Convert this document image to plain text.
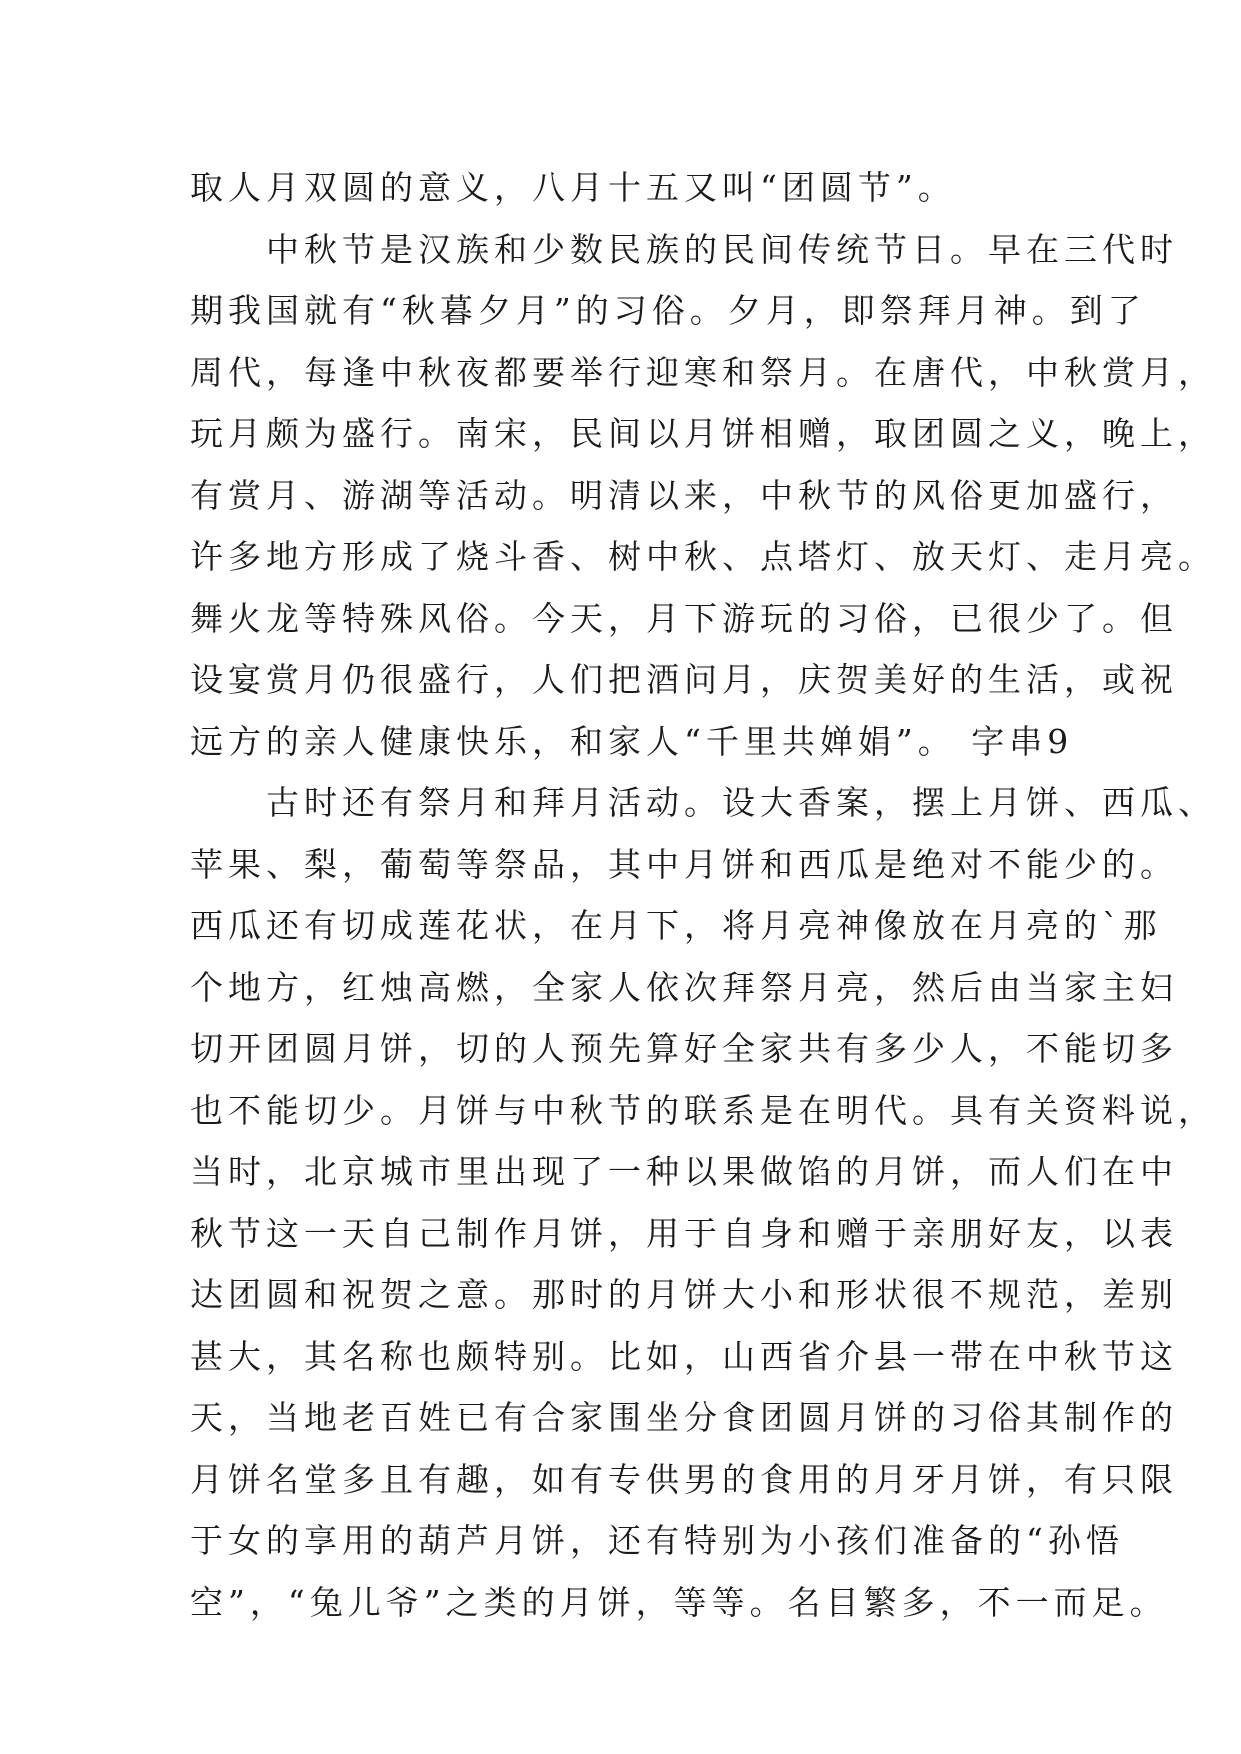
取人月双圆的意义，八月十五又叫“团圆节”。
中秋节是汉族和少数民族的民间传统节日。早在三代时
期我国就有“秋暮夕月”的习俗。夕月，即祭拜月神。到了
周代，每逢中秋夜都要举行迎寒和祭月。在唐代，中秋赏月，
玩月颇为盛行。南宋，民间以月饼相赠，取团圆之义，晚上，
有赏月、游湖等活动。明清以来，中秋节的风俗更加盛行，
许多地方形成了烧斗香、树中秋、点塔灯、放天灯、走月亮。
舞火龙等特殊风俗。今天，月下游玩的习俗，已很少了。但
设宴赏月仍很盛行，人们把酒问月，庆贺美好的生活，或祝
远方的亲人健康快乐，和家人“千里共婵娟”。 字串9
古时还有祭月和拜月活动。设大香案，摆上月饼、西瓜、
苹果、梨，葡萄等祭品，其中月饼和西瓜是绝对不能少的。
西瓜还有切成莲花状，在月下，将月亮神像放在月亮的`那
个地方，红烛高燃，全家人依次拜祭月亮，然后由当家主妇
切开团圆月饼，切的人预先算好全家共有多少人，不能切多
也不能切少。月饼与中秋节的联系是在明代。具有关资料说，
当时，北京城市里出现了一种以果做馅的月饼，而人们在中
秋节这一天自己制作月饼，用于自身和赠于亲朋好友，以表
达团圆和祝贺之意。那时的月饼大小和形状很不规范，差别
甚大，其名称也颇特别。比如，山西省介县一带在中秋节这
天，当地老百姓已有合家围坐分食团圆月饼的习俗其制作的
月饼名堂多且有趣，如有专供男的食用的月牙月饼，有只限
于女的享用的葫芦月饼，还有特别为小孩们准备的“孙悟
空”，“兔儿爷”之类的月饼，等等。名目繁多，不一而足。
